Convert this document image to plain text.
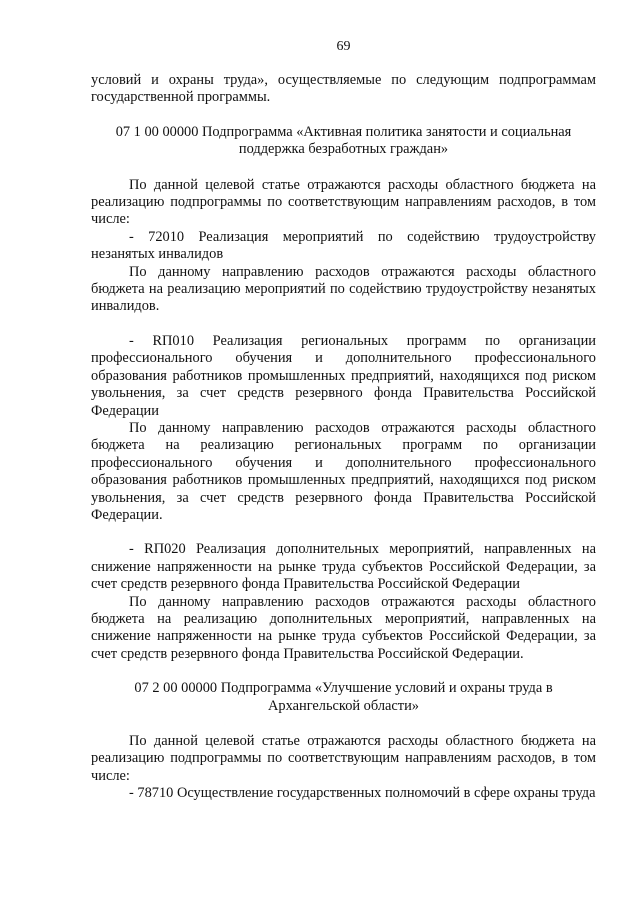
69

условий и охраны труда», осуществляемые по следующим подпрограммам государственной программы.

07 1 00 00000 Подпрограмма «Активная политика занятости и социальная поддержка безработных граждан»

По данной целевой статье отражаются расходы областного бюджета на реализацию подпрограммы по соответствующим направлениям расходов, в том числе:

- 72010 Реализация мероприятий по содействию трудоустройству незанятых инвалидов

По данному направлению расходов отражаются расходы областного бюджета на реализацию мероприятий по содействию трудоустройству незанятых инвалидов.

- RП010 Реализация региональных программ по организации профессионального обучения и дополнительного профессионального образования работников промышленных предприятий, находящихся под риском увольнения, за счет средств резервного фонда Правительства Российской Федерации

По данному направлению расходов отражаются расходы областного бюджета на реализацию региональных программ по организации профессионального обучения и дополнительного профессионального образования работников промышленных предприятий, находящихся под риском увольнения, за счет средств резервного фонда Правительства Российской Федерации.

- RП020 Реализация дополнительных мероприятий, направленных на снижение напряженности на рынке труда субъектов Российской Федерации, за счет средств резервного фонда Правительства Российской Федерации

По данному направлению расходов отражаются расходы областного бюджета на реализацию дополнительных мероприятий, направленных на снижение напряженности на рынке труда субъектов Российской Федерации, за счет средств резервного фонда Правительства Российской Федерации.

07 2 00 00000 Подпрограмма «Улучшение условий и охраны труда в Архангельской области»

По данной целевой статье отражаются расходы областного бюджета на реализацию подпрограммы по соответствующим направлениям расходов, в том числе:

- 78710 Осуществление государственных полномочий в сфере охраны труда
